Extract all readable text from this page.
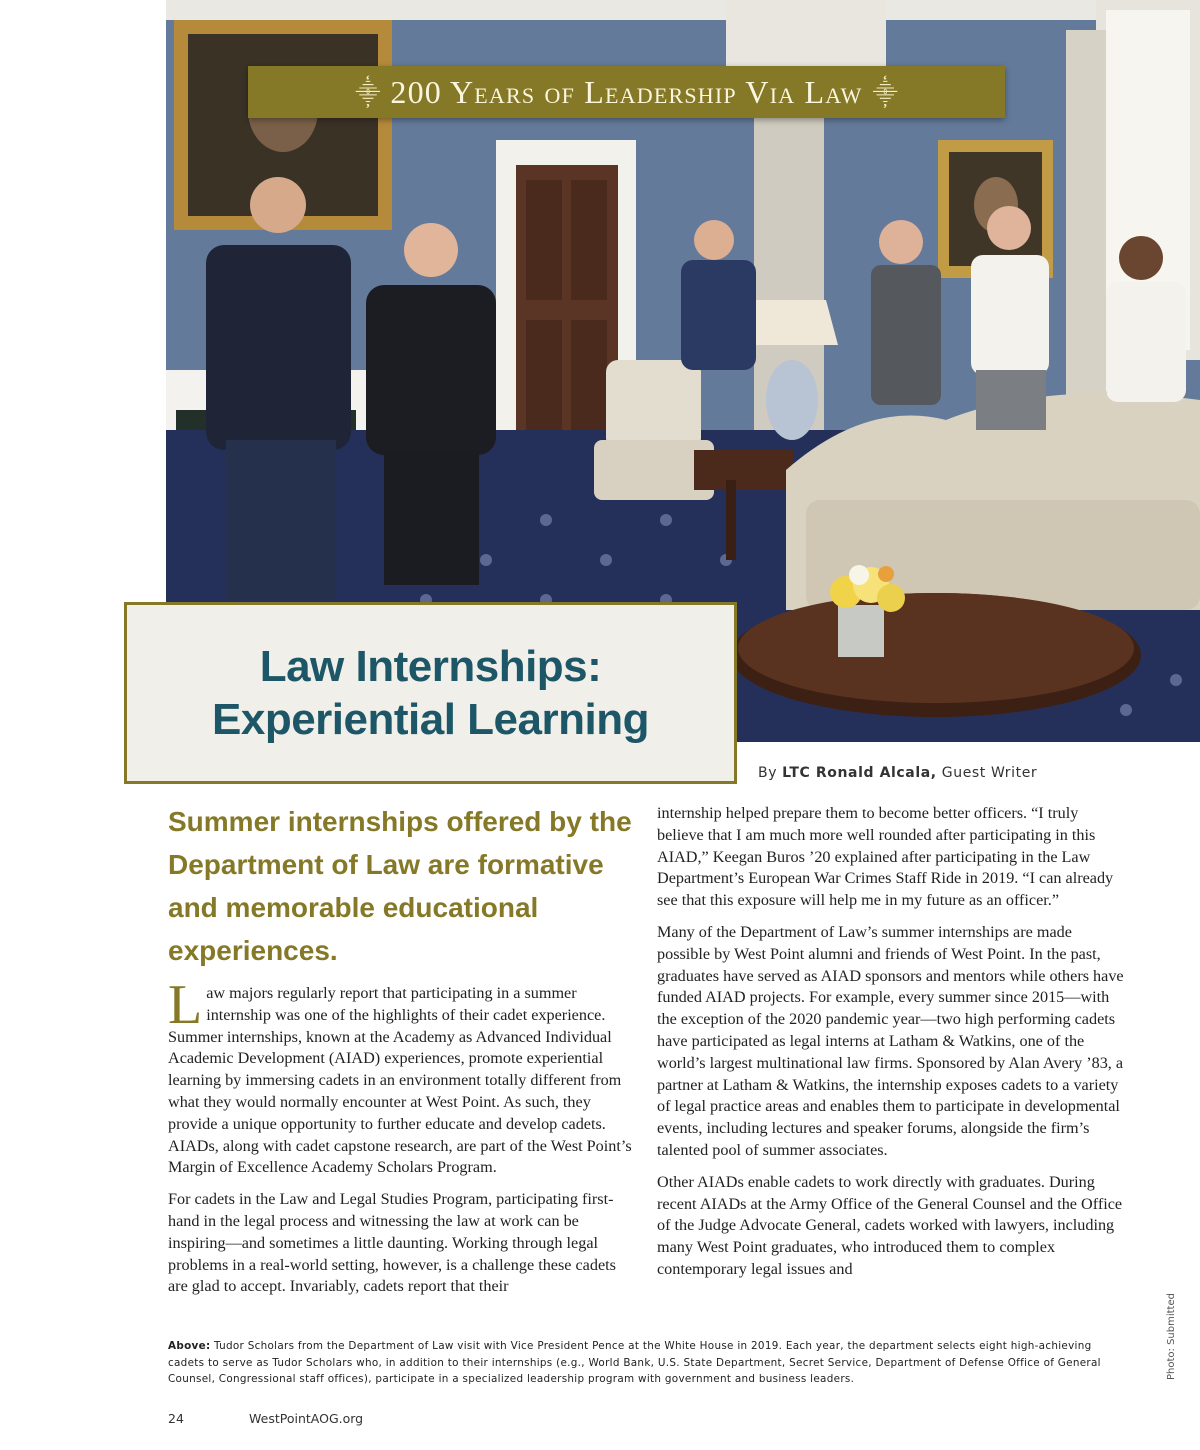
⸎ 200 Years of Leadership Via Law ⸎
Law Internships:
Experiential Learning
By LTC Ronald Alcala, Guest Writer
Summer internships offered by the Department of Law are formative and memorable educational experiences.

Law majors regularly report that participating in a summer internship was one of the highlights of their cadet experience. Summer internships, known at the Academy as Advanced Individual Academic Development (AIAD) experiences, promote experiential learning by immersing cadets in an environment totally different from what they would normally encounter at West Point. As such, they provide a unique opportunity to further educate and develop cadets. AIADs, along with cadet capstone research, are part of the West Point’s Margin of Excellence Academy Scholars Program.

For cadets in the Law and Legal Studies Program, participating first-hand in the legal process and witnessing the law at work can be inspiring—and sometimes a little daunting. Working through legal problems in a real-world setting, however, is a challenge these cadets are glad to accept. Invariably, cadets report that their

internship helped prepare them to become better officers. “I truly believe that I am much more well rounded after participating in this AIAD,” Keegan Buros ’20 explained after participating in the Law Department’s European War Crimes Staff Ride in 2019. “I can already see that this exposure will help me in my future as an officer.”

Many of the Department of Law’s summer internships are made possible by West Point alumni and friends of West Point. In the past, graduates have served as AIAD sponsors and mentors while others have funded AIAD projects. For example, every summer since 2015—with the exception of the 2020 pandemic year—two high performing cadets have participated as legal interns at Latham & Watkins, one of the world’s largest multinational law firms. Sponsored by Alan Avery ’83, a partner at Latham & Watkins, the internship exposes cadets to a variety of legal practice areas and enables them to participate in developmental events, including lectures and speaker forums, alongside the firm’s talented pool of summer associates.

Other AIADs enable cadets to work directly with graduates. During recent AIADs at the Army Office of the General Counsel and the Office of the Judge Advocate General, cadets worked with lawyers, including many West Point graduates, who introduced them to complex contemporary legal issues and

Above: Tudor Scholars from the Department of Law visit with Vice President Pence at the White House in 2019. Each year, the department selects eight high-achieving cadets to serve as Tudor Scholars who, in addition to their internships (e.g., World Bank, U.S. State Department, Secret Service, Department of Defense Office of General Counsel, Congressional staff offices), participate in a specialized leadership program with government and business leaders.	Photo: Submitted
24	WestPointAOG.org
